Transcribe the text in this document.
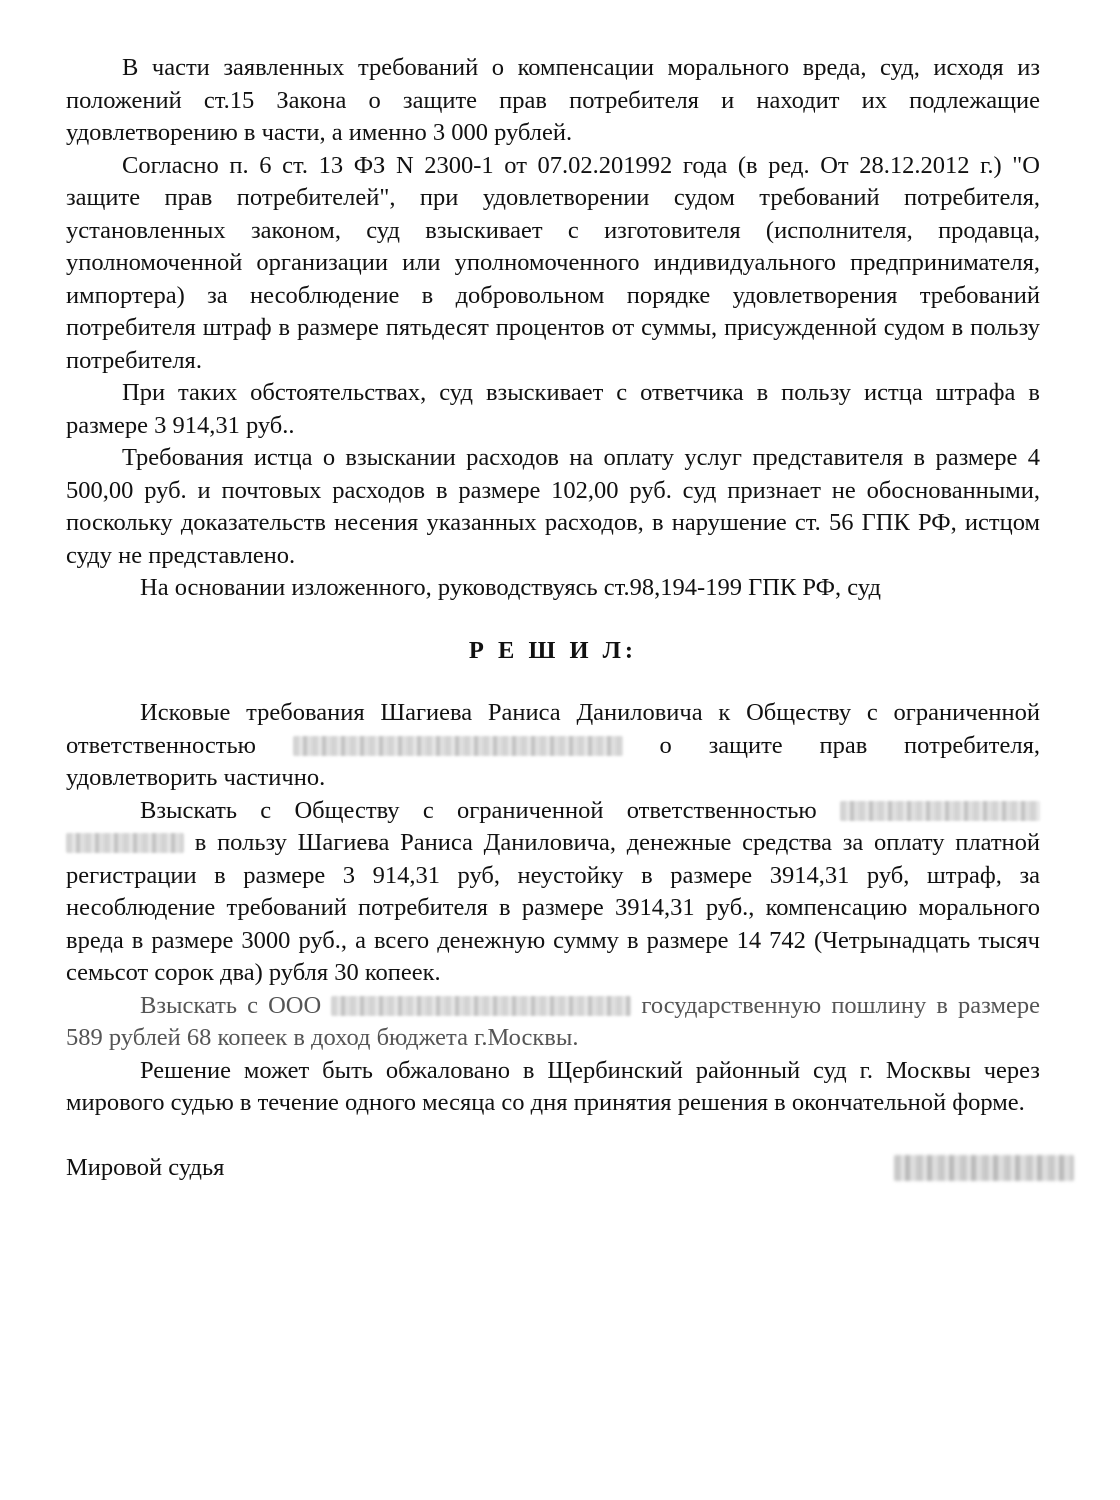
В части заявленных требований о компенсации морального вреда, суд, исходя из положений ст.15 Закона о защите прав потребителя и находит их подлежащие удовлетворению в части, а именно 3 000 рублей.

Согласно п. 6 ст. 13 ФЗ N 2300-1 от 07.02.201992 года (в ред. От 28.12.2012 г.) "О защите прав потребителей", при удовлетворении судом требований потребителя, установленных законом, суд взыскивает с изготовителя (исполнителя, продавца, уполномоченной организации или уполномоченного индивидуального предпринимателя, импортера) за несоблюдение в добровольном порядке удовлетворения требований потребителя штраф в размере пятьдесят процентов от суммы, присужденной судом в пользу потребителя.

При таких обстоятельствах, суд взыскивает с ответчика в пользу истца штрафа в размере 3 914,31 руб..

Требования истца о взыскании расходов на оплату услуг представителя в размере 4 500,00 руб. и почтовых расходов в размере 102,00 руб. суд признает не обоснованными, поскольку доказательств несения указанных расходов, в нарушение ст. 56 ГПК РФ, истцом суду не представлено.

На основании изложенного, руководствуясь ст.98,194-199 ГПК РФ, суд

Р Е Ш И Л:

Исковые требования Шагиева Раниса Даниловича к Обществу с ограниченной ответственностью	о защите прав потребителя, удовлетворить частично.

Взыскать с Обществу с ограниченной ответственностью   в пользу Шагиева Раниса Даниловича, денежные средства за оплату платной регистрации в размере 3 914,31 руб, неустойку в размере 3914,31 руб, штраф, за несоблюдение требований потребителя в размере 3914,31 руб., компенсацию морального вреда в размере 3000 руб., а всего денежную сумму в размере 14 742 (Четрынадцать тысяч семьсот сорок два) рубля 30 копеек.

Взыскать с ООО	государственную пошлину в размере 589 рублей 68 копеек в доход бюджета г.Москвы.

Решение может быть обжаловано в Щербинский районный суд г. Москвы через мирового судью в течение одного месяца со дня принятия решения в окончательной форме.

Мировой судья
